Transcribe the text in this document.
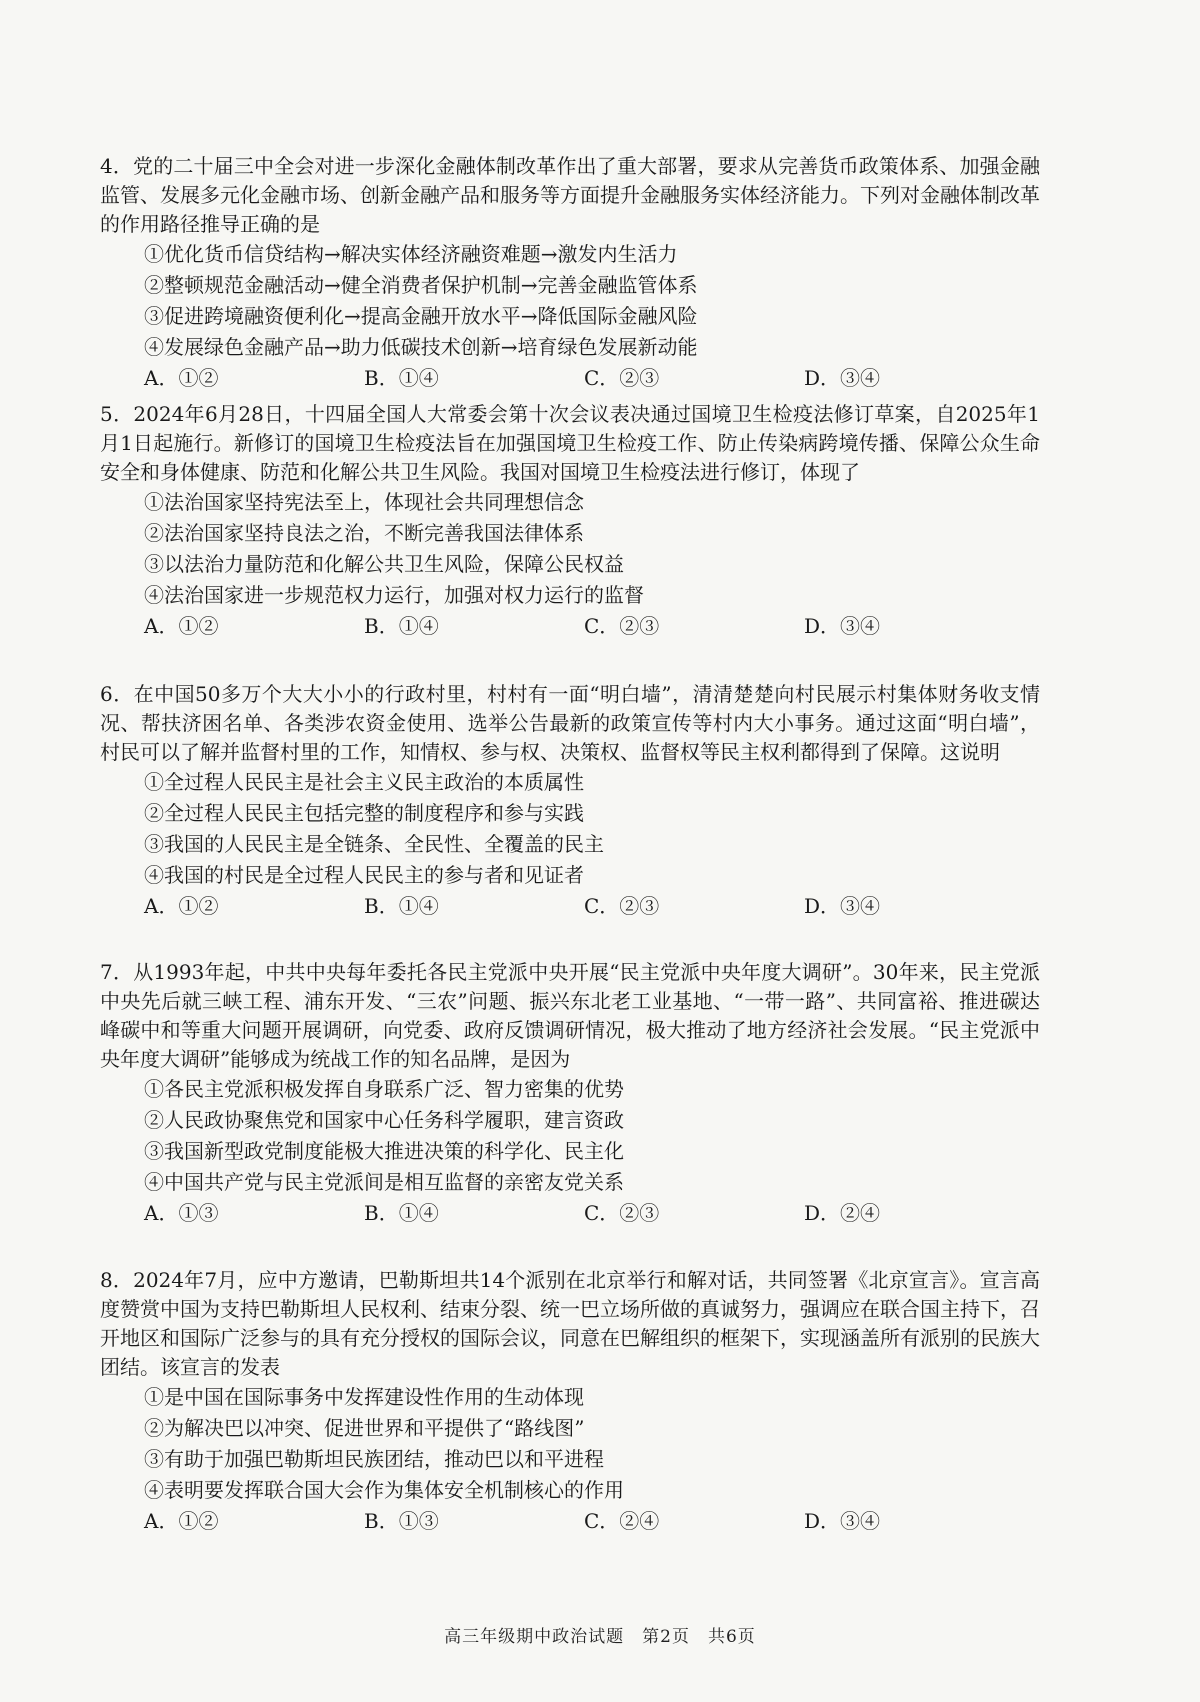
4．党的二十届三中全会对进一步深化金融体制改革作出了重大部署，要求从完善货币政策体系、加强金融监管、发展多元化金融市场、创新金融产品和服务等方面提升金融服务实体经济能力。下列对金融体制改革的作用路径推导正确的是

①优化货币信贷结构→解决实体经济融资难题→激发内生活力

②整顿规范金融活动→健全消费者保护机制→完善金融监管体系

③促进跨境融资便利化→提高金融开放水平→降低国际金融风险

④发展绿色金融产品→助力低碳技术创新→培育绿色发展新动能

A．①②	B．①④	C．②③	D．③④

5．2024年6月28日，十四届全国人大常委会第十次会议表决通过国境卫生检疫法修订草案，自2025年1月1日起施行。新修订的国境卫生检疫法旨在加强国境卫生检疫工作、防止传染病跨境传播、保障公众生命安全和身体健康、防范和化解公共卫生风险。我国对国境卫生检疫法进行修订，体现了

①法治国家坚持宪法至上，体现社会共同理想信念

②法治国家坚持良法之治，不断完善我国法律体系

③以法治力量防范和化解公共卫生风险，保障公民权益

④法治国家进一步规范权力运行，加强对权力运行的监督

A．①②	B．①④	C．②③	D．③④

6．在中国50多万个大大小小的行政村里，村村有一面“明白墙”，清清楚楚向村民展示村集体财务收支情况、帮扶济困名单、各类涉农资金使用、选举公告最新的政策宣传等村内大小事务。通过这面“明白墙”，村民可以了解并监督村里的工作，知情权、参与权、决策权、监督权等民主权利都得到了保障。这说明

①全过程人民民主是社会主义民主政治的本质属性

②全过程人民民主包括完整的制度程序和参与实践

③我国的人民民主是全链条、全民性、全覆盖的民主

④我国的村民是全过程人民民主的参与者和见证者

A．①②	B．①④	C．②③	D．③④

7．从1993年起，中共中央每年委托各民主党派中央开展“民主党派中央年度大调研”。30年来，民主党派中央先后就三峡工程、浦东开发、“三农”问题、振兴东北老工业基地、“一带一路”、共同富裕、推进碳达峰碳中和等重大问题开展调研，向党委、政府反馈调研情况，极大推动了地方经济社会发展。“民主党派中央年度大调研”能够成为统战工作的知名品牌，是因为

①各民主党派积极发挥自身联系广泛、智力密集的优势

②人民政协聚焦党和国家中心任务科学履职，建言资政

③我国新型政党制度能极大推进决策的科学化、民主化

④中国共产党与民主党派间是相互监督的亲密友党关系

A．①③	B．①④	C．②③	D．②④

8．2024年7月，应中方邀请，巴勒斯坦共14个派别在北京举行和解对话，共同签署《北京宣言》。宣言高度赞赏中国为支持巴勒斯坦人民权利、结束分裂、统一巴立场所做的真诚努力，强调应在联合国主持下，召开地区和国际广泛参与的具有充分授权的国际会议，同意在巴解组织的框架下，实现涵盖所有派别的民族大团结。该宣言的发表

①是中国在国际事务中发挥建设性作用的生动体现

②为解决巴以冲突、促进世界和平提供了“路线图”

③有助于加强巴勒斯坦民族团结，推动巴以和平进程

④表明要发挥联合国大会作为集体安全机制核心的作用

A．①②	B．①③	C．②④	D．③④
高三年级期中政治试题　第2页　共6页
